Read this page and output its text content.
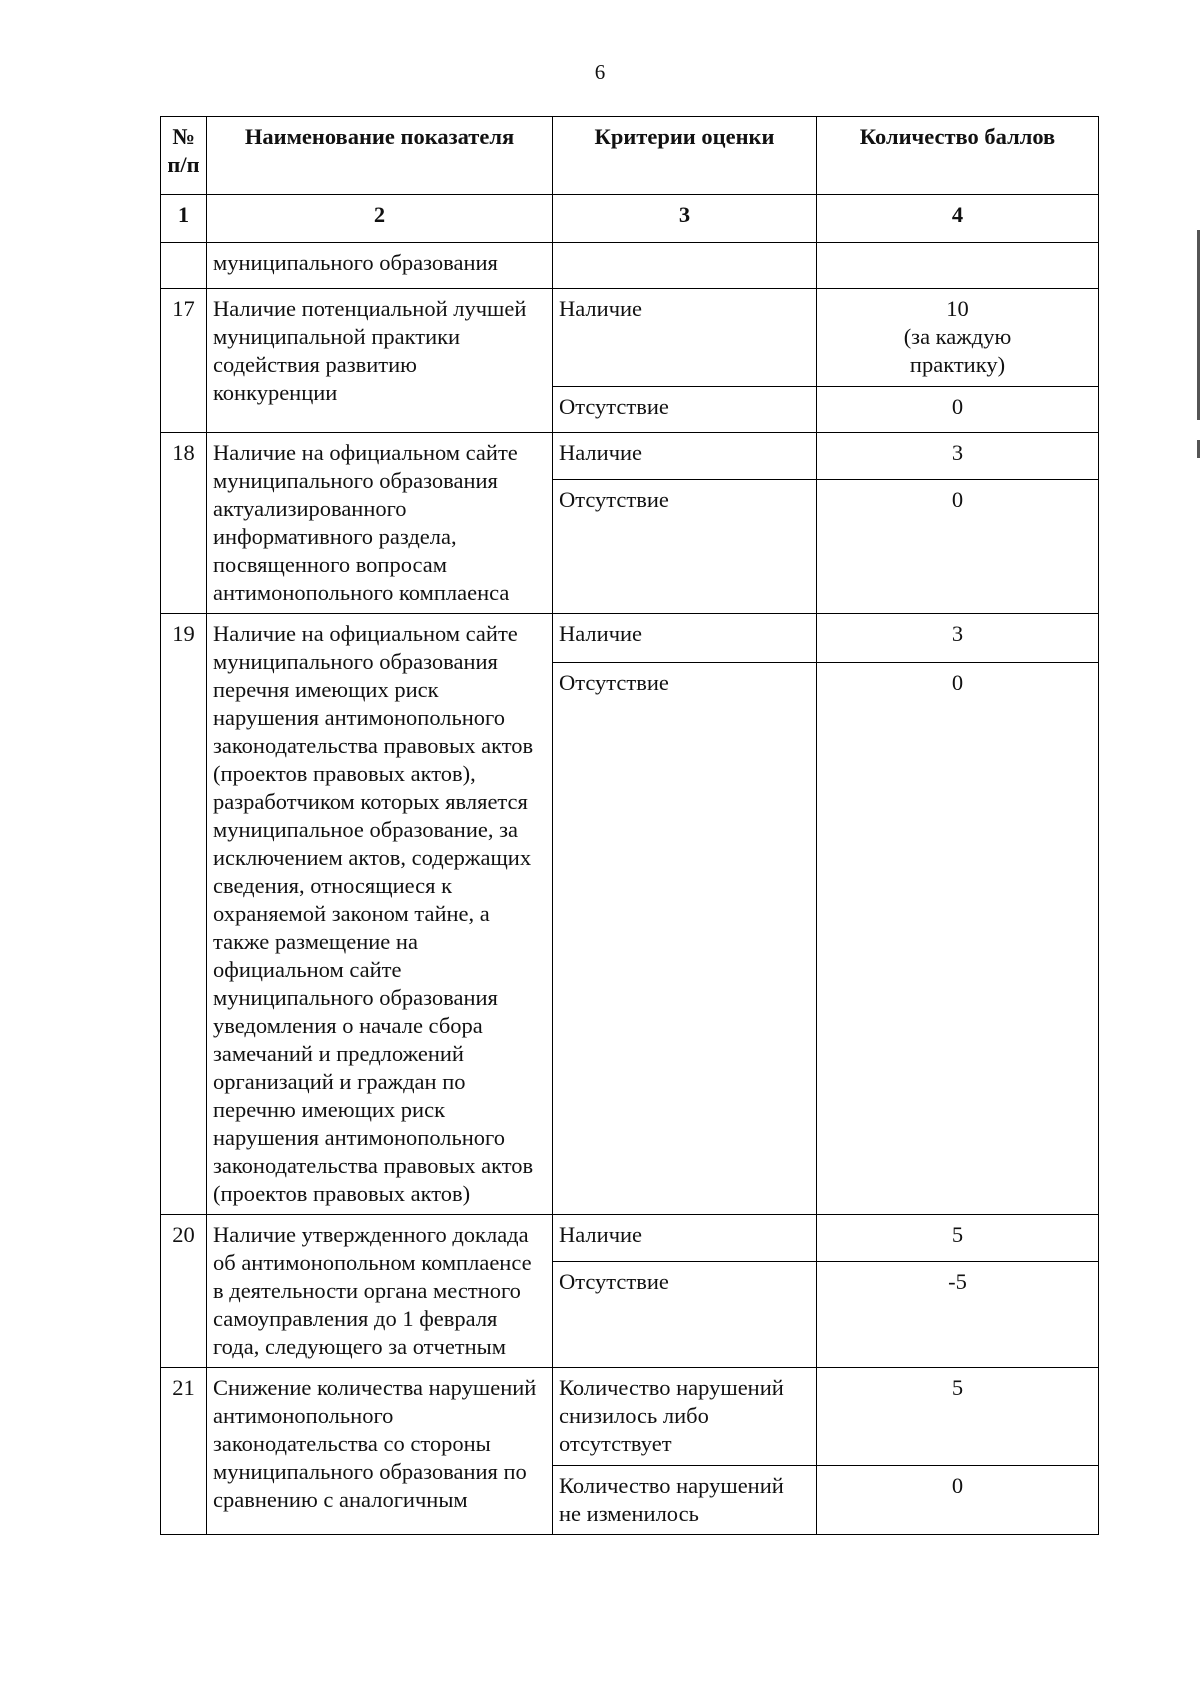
6
№ п/п	Наименование показателя	Критерии оценки	Количество баллов
1	2	3	4
	муниципального образования		
17	Наличие потенциальной лучшей муниципальной практики содействия развитию конкуренции	Наличие	10
(за каждую
практику)
		Отсутствие	0
18	Наличие на официальном сайте муниципального образования актуализированного информативного раздела, посвященного вопросам антимонопольного комплаенса	Наличие	3
		Отсутствие	0
19	Наличие на официальном сайте муниципального образования перечня имеющих риск нарушения антимонопольного законодательства правовых актов (проектов правовых актов), разработчиком которых является муниципальное образование, за исключением актов, содержащих сведения, относящиеся к охраняемой законом тайне, а также размещение на официальном сайте муниципального образования уведомления о начале сбора замечаний и предложений организаций и граждан по перечню имеющих риск нарушения антимонопольного законодательства правовых актов (проектов правовых актов)	Наличие	3
		Отсутствие	0
20	Наличие утвержденного доклада об антимонопольном комплаенсе в деятельности органа местного самоуправления до 1 февраля года, следующего за отчетным	Наличие	5
		Отсутствие	-5
21	Снижение количества нарушений антимонопольного законодательства со стороны муниципального образования по сравнению с аналогичным	Количество нарушений снизилось либо отсутствует	5
		Количество нарушений не изменилось	0
